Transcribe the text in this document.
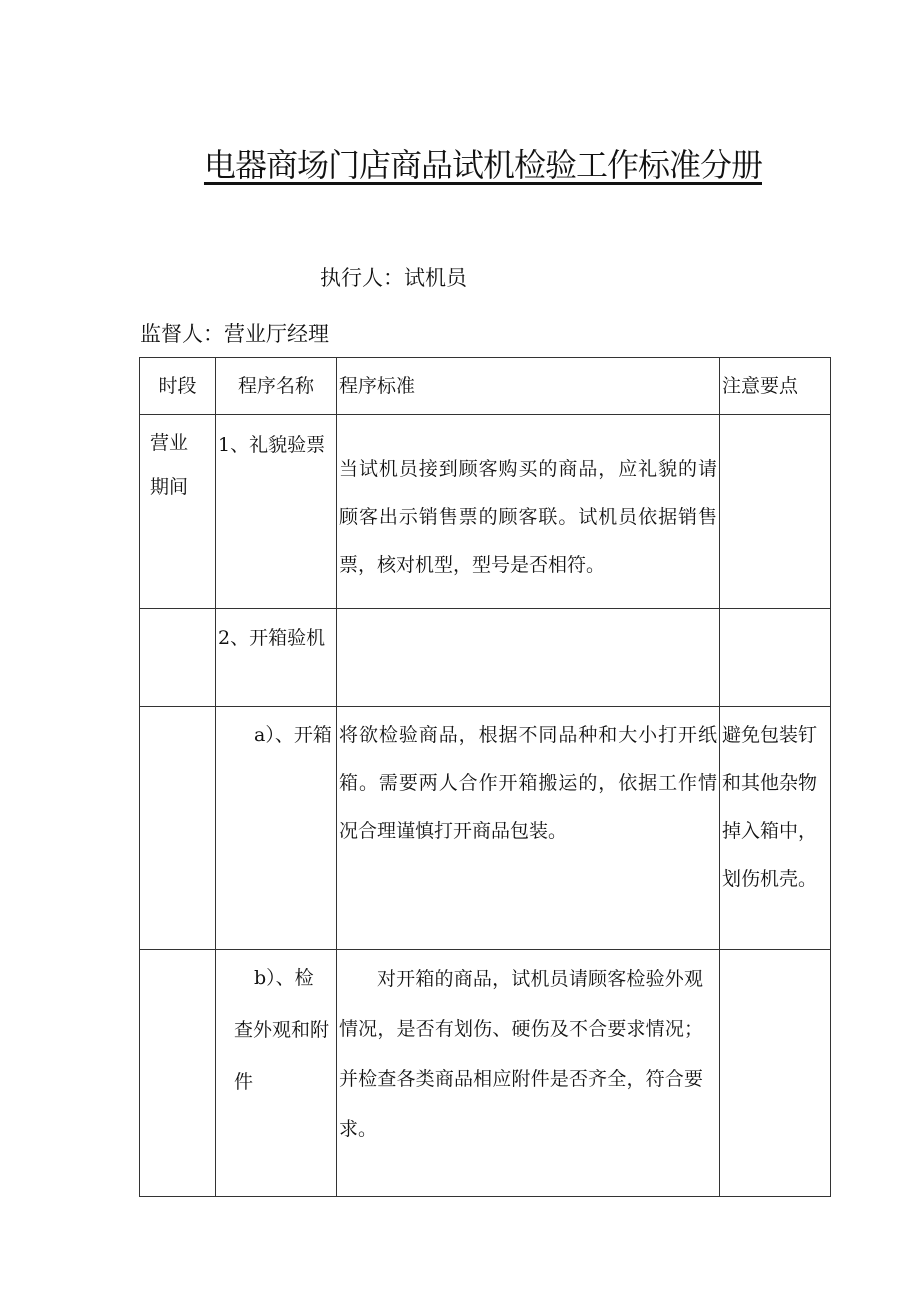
电器商场门店商品试机检验工作标准分册
执行人：试机员
监督人：营业厅经理
时段	程序名称	程序标准	注意要点
营业期间	1、礼貌验票	当试机员接到顾客购买的商品，应礼貌的请顾客出示销售票的顾客联。试机员依据销售票，核对机型，型号是否相符。	
	2、开箱验机		
	a）、开箱	将欲检验商品，根据不同品种和大小打开纸箱。需要两人合作开箱搬运的，依据工作情况合理谨慎打开商品包装。	避免包装钉和其他杂物掉入箱中，划伤机壳。
	b）、检查外观和附件	对开箱的商品，试机员请顾客检验外观情况，是否有划伤、硬伤及不合要求情况；并检查各类商品相应附件是否齐全，符合要求。	
